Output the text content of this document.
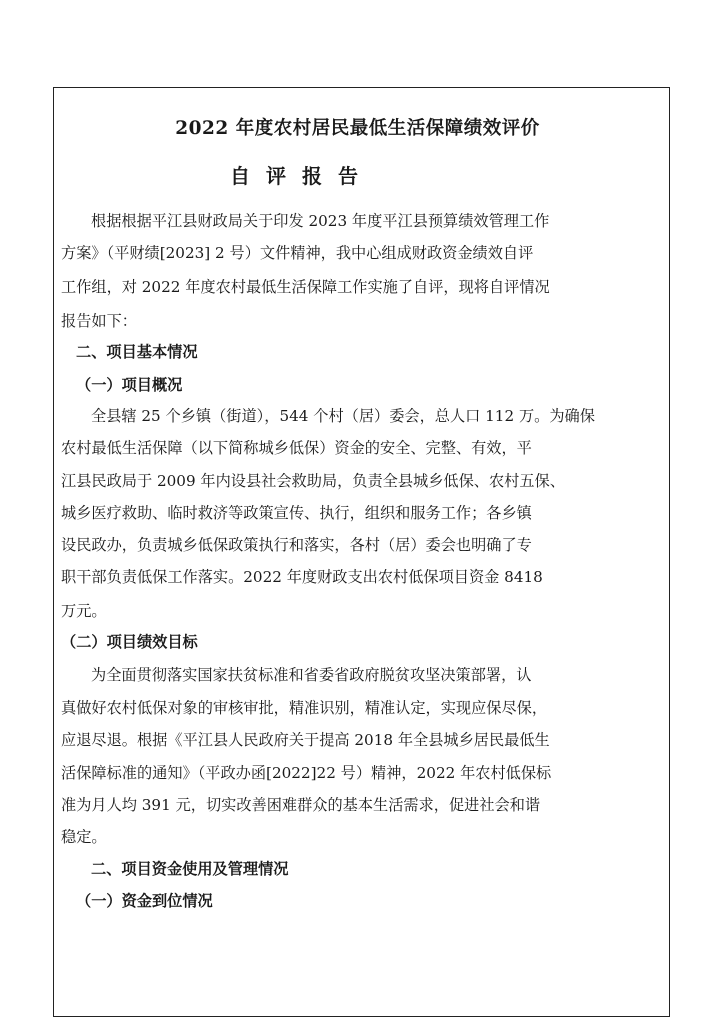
2022 年度农村居民最低生活保障绩效评价
自评报告
根据根据平江县财政局关于印发 2023 年度平江县预算绩效管理工作
方案》（平财绩[2023] 2 号）文件精神，我中心组成财政资金绩效自评
工作组，对 2022 年度农村最低生活保障工作实施了自评，现将自评情况
报告如下：
二、项目基本情况
（一）项目概况
全县辖 25 个乡镇（街道），544 个村（居）委会，总人口 112 万。为确保
农村最低生活保障（以下简称城乡低保）资金的安全、完整、有效，平
江县民政局于 2009 年内设县社会救助局，负责全县城乡低保、农村五保、
城乡医疗救助、临时救济等政策宣传、执行，组织和服务工作；各乡镇
设民政办，负责城乡低保政策执行和落实，各村（居）委会也明确了专
职干部负责低保工作落实。2022 年度财政支出农村低保项目资金 8418
万元。
（二）项目绩效目标
为全面贯彻落实国家扶贫标准和省委省政府脱贫攻坚决策部署，认
真做好农村低保对象的审核审批，精准识别，精准认定，实现应保尽保，
应退尽退。根据《平江县人民政府关于提高 2018 年全县城乡居民最低生
活保障标准的通知》（平政办函[2022]22 号）精神，2022 年农村低保标
准为月人均 391 元，切实改善困难群众的基本生活需求，促进社会和谐
稳定。
二、项目资金使用及管理情况
（一）资金到位情况
